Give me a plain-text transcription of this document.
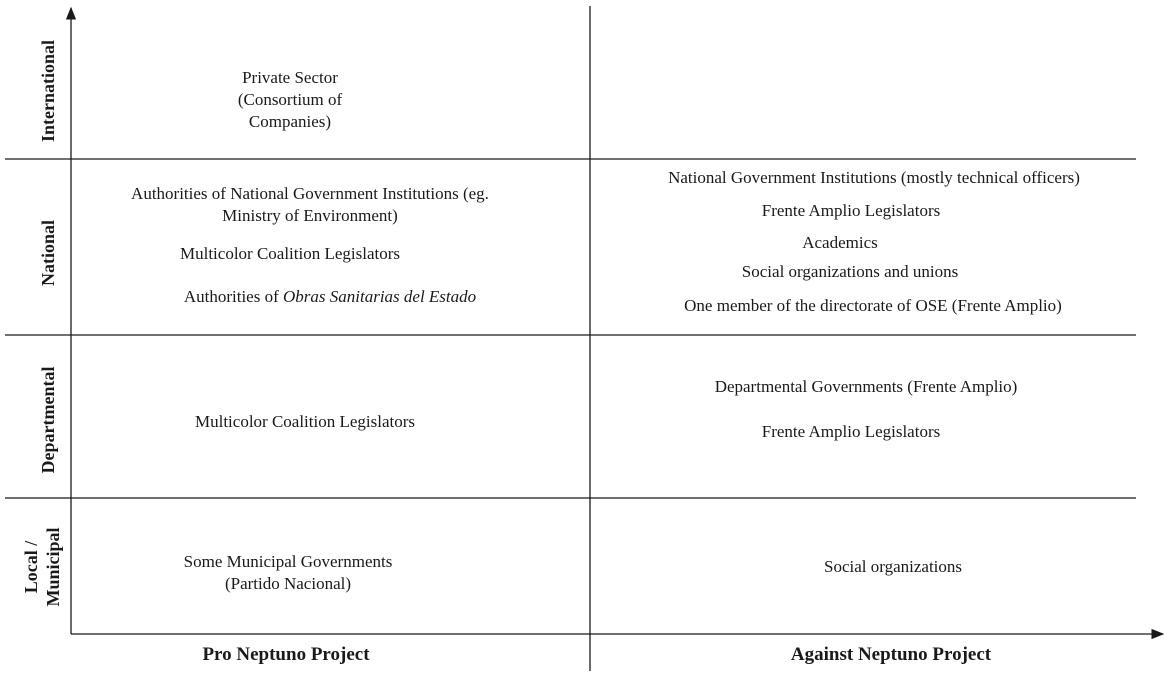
International
National
Departmental
Local / Municipal
Private Sector
(Consortium of
Companies)
Authorities of National Government Institutions (eg.
Ministry of Environment)
Multicolor Coalition Legislators
Authorities of Obras Sanitarias del Estado
National Government Institutions (mostly technical officers)
Frente Amplio Legislators
Academics
Social organizations and unions
One member of the directorate of OSE (Frente Amplio)
Multicolor Coalition Legislators
Departmental Governments (Frente Amplio)
Frente Amplio Legislators
Some Municipal Governments
(Partido Nacional)
Social organizations
Pro Neptuno Project	Against Neptuno Project
